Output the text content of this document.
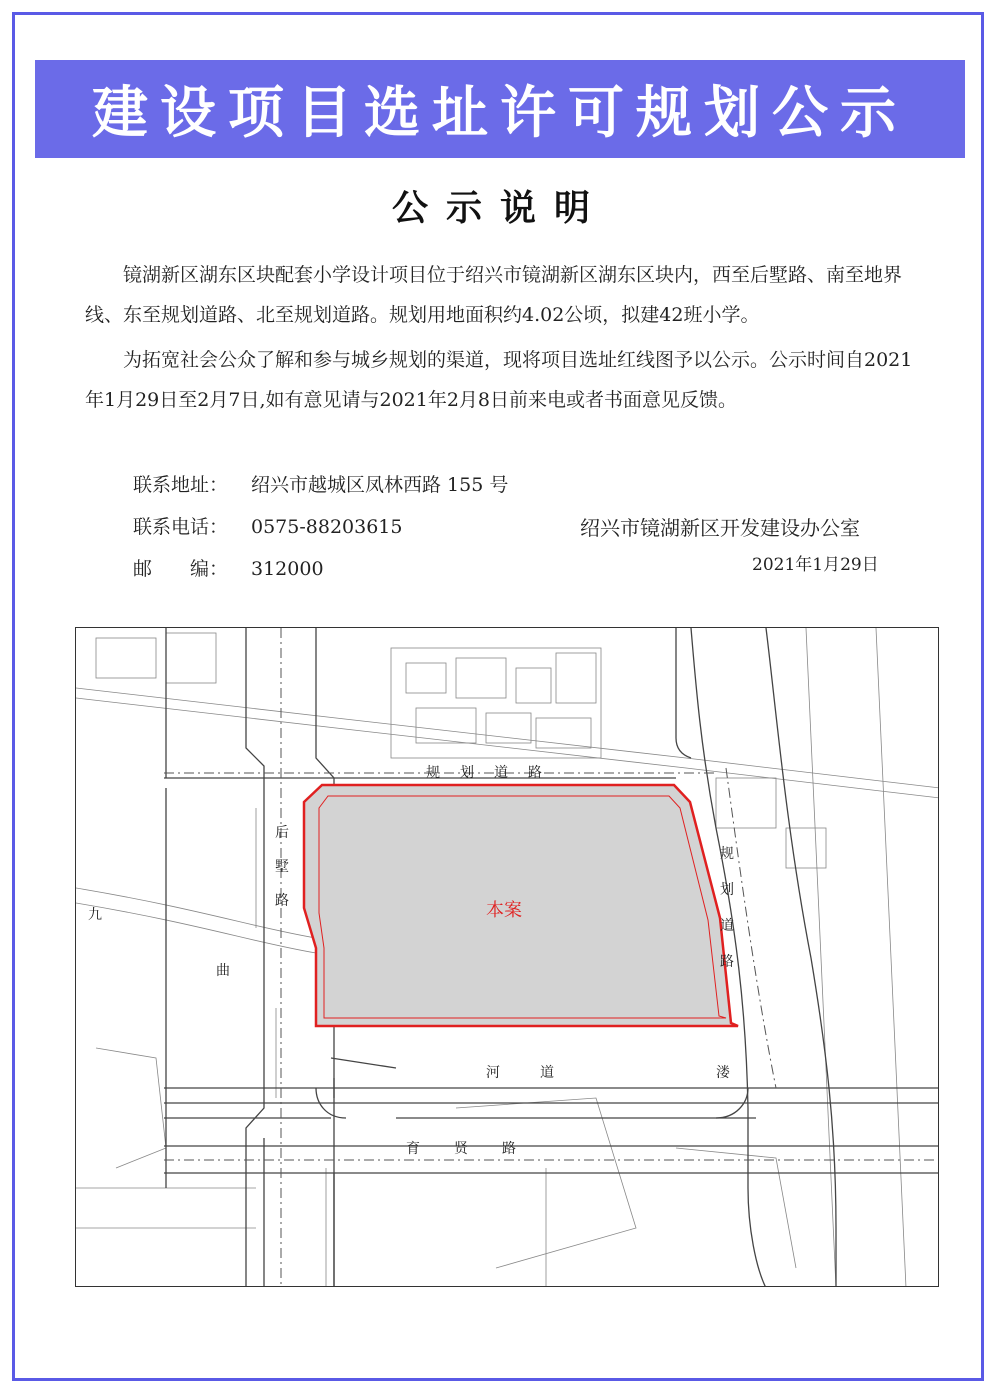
建设项目选址许可规划公示
公示说明
镜湖新区湖东区块配套小学设计项目位于绍兴市镜湖新区湖东区块内，西至后墅路、南至地界线、东至规划道路、北至规划道路。规划用地面积约4.02公顷，拟建42班小学。
为拓宽社会公众了解和参与城乡规划的渠道，现将项目选址红线图予以公示。公示时间自2021年1月29日至2月7日,如有意见请与2021年2月8日前来电或者书面意见反馈。
联系地址： 绍兴市越城区凤林西路 155 号
联系电话： 0575-88203615
邮　　编： 312000
绍兴市镜湖新区开发建设办公室
2021年1月29日
本案
规划道路
后墅路
规划道路
河道	溇
育贤路
九
曲
